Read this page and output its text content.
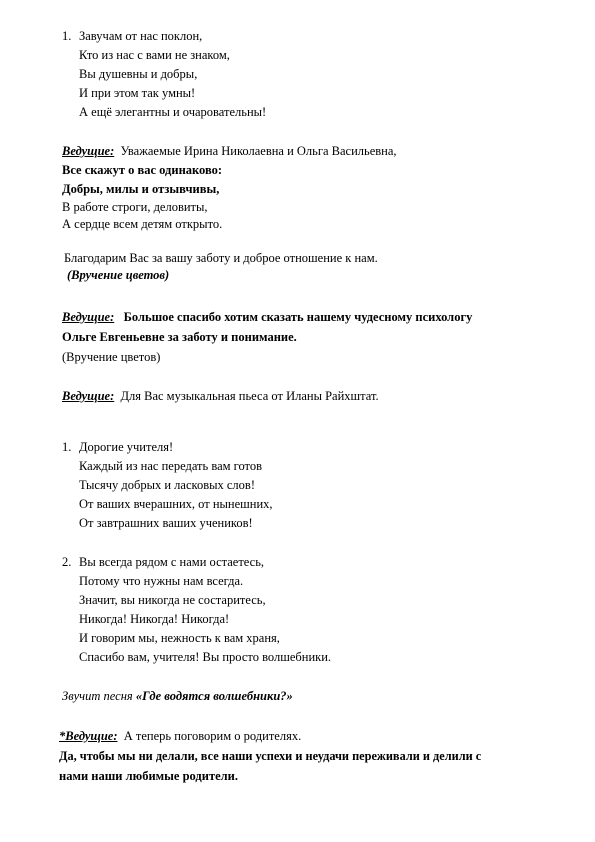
1. Завучам от нас поклон,
Кто из нас с вами не знаком,
Вы душевны и добры,
И при этом так умны!
А ещё элегантны и очаровательны!
Ведущие: Уважаемые Ирина Николаевна и Ольга Васильевна,
Все скажут о вас одинаково:
Добры, милы и отзывчивы,
В работе строги, деловиты,
А сердце всем детям открыто.
Благодарим Вас за вашу заботу и доброе отношение к нам.
(Вручение цветов)
Ведущие: Большое спасибо хотим сказать нашему чудесному психологу
Ольге Евгеньевне за заботу и понимание.
(Вручение цветов)
Ведущие: Для Вас музыкальная пьеса от Иланы Райхштат.
1. Дорогие учителя!
Каждый из нас передать вам готов
Тысячу добрых и ласковых слов!
От ваших вчерашних, от нынешних,
От завтрашних ваших учеников!
2. Вы всегда рядом с нами остаетесь,
Потому что нужны нам всегда.
Значит, вы никогда не состаритесь,
Никогда! Никогда! Никогда!
И говорим мы, нежность к вам храня,
Спасибо вам, учителя! Вы просто волшебники.
Звучит песня «Где водятся волшебники?»
*Ведущие: А теперь поговорим о родителях.
Да, чтобы мы ни делали, все наши успехи и неудачи переживали и делили с
нами наши любимые родители.
